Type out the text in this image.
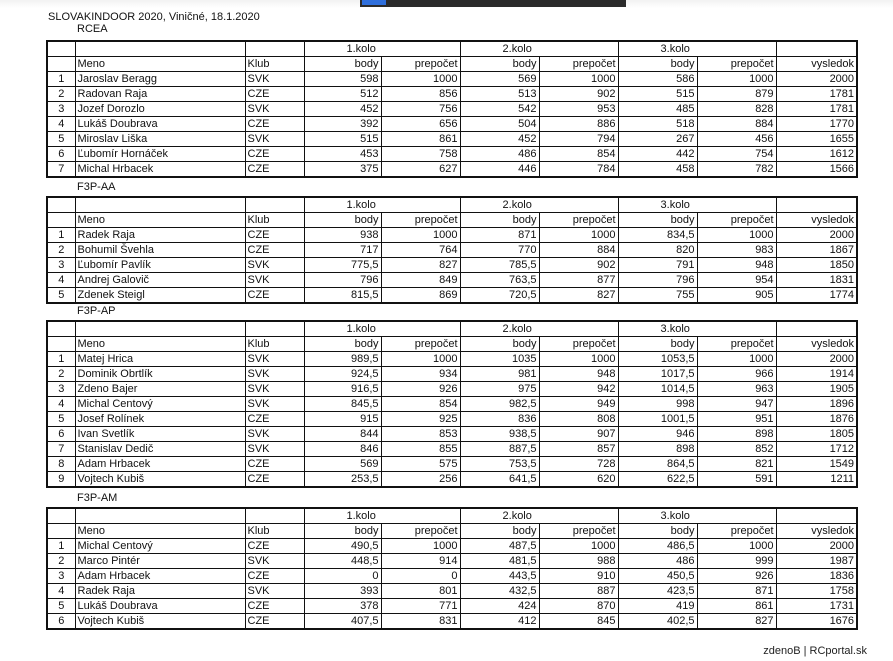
SLOVAKINDOOR 2020, Viničné, 18.1.2020
RCEA
			1.kolo		2.kolo		3.kolo		
	Meno	Klub	body	prepočet	body	prepočet	body	prepočet	vysledok
1	Jaroslav Beragg	SVK	598	1000	569	1000	586	1000	2000
2	Radovan Raja	CZE	512	856	513	902	515	879	1781
3	Jozef Dorozlo	SVK	452	756	542	953	485	828	1781
4	Lukáš Doubrava	CZE	392	656	504	886	518	884	1770
5	Miroslav Liška	SVK	515	861	452	794	267	456	1655
6	Ľubomír Hornáček	CZE	453	758	486	854	442	754	1612
7	Michal Hrbacek	CZE	375	627	446	784	458	782	1566
F3P-AA
			1.kolo		2.kolo		3.kolo		
	Meno	Klub	body	prepočet	body	prepočet	body	prepočet	vysledok
1	Radek Raja	CZE	938	1000	871	1000	834,5	1000	2000
2	Bohumil Švehla	CZE	717	764	770	884	820	983	1867
3	Ľubomír Pavlík	SVK	775,5	827	785,5	902	791	948	1850
4	Andrej Galovič	SVK	796	849	763,5	877	796	954	1831
5	Zdenek Steigl	CZE	815,5	869	720,5	827	755	905	1774
F3P-AP
			1.kolo		2.kolo		3.kolo		
	Meno	Klub	body	prepočet	body	prepočet	body	prepočet	vysledok
1	Matej Hrica	SVK	989,5	1000	1035	1000	1053,5	1000	2000
2	Dominik Obrtlík	SVK	924,5	934	981	948	1017,5	966	1914
3	Zdeno Bajer	SVK	916,5	926	975	942	1014,5	963	1905
4	Michal Centový	SVK	845,5	854	982,5	949	998	947	1896
5	Josef Rolínek	CZE	915	925	836	808	1001,5	951	1876
6	Ivan Svetlík	SVK	844	853	938,5	907	946	898	1805
7	Stanislav Dedič	SVK	846	855	887,5	857	898	852	1712
8	Adam Hrbacek	CZE	569	575	753,5	728	864,5	821	1549
9	Vojtech Kubiš	CZE	253,5	256	641,5	620	622,5	591	1211
F3P-AM
			1.kolo		2.kolo		3.kolo		
	Meno	Klub	body	prepočet	body	prepočet	body	prepočet	vysledok
1	Michal Centový	CZE	490,5	1000	487,5	1000	486,5	1000	2000
2	Marco Pintér	SVK	448,5	914	481,5	988	486	999	1987
3	Adam Hrbacek	CZE	0	0	443,5	910	450,5	926	1836
4	Radek Raja	SVK	393	801	432,5	887	423,5	871	1758
5	Lukáš Doubrava	CZE	378	771	424	870	419	861	1731
6	Vojtech Kubiš	CZE	407,5	831	412	845	402,5	827	1676
zdenoB | RCportal.sk
